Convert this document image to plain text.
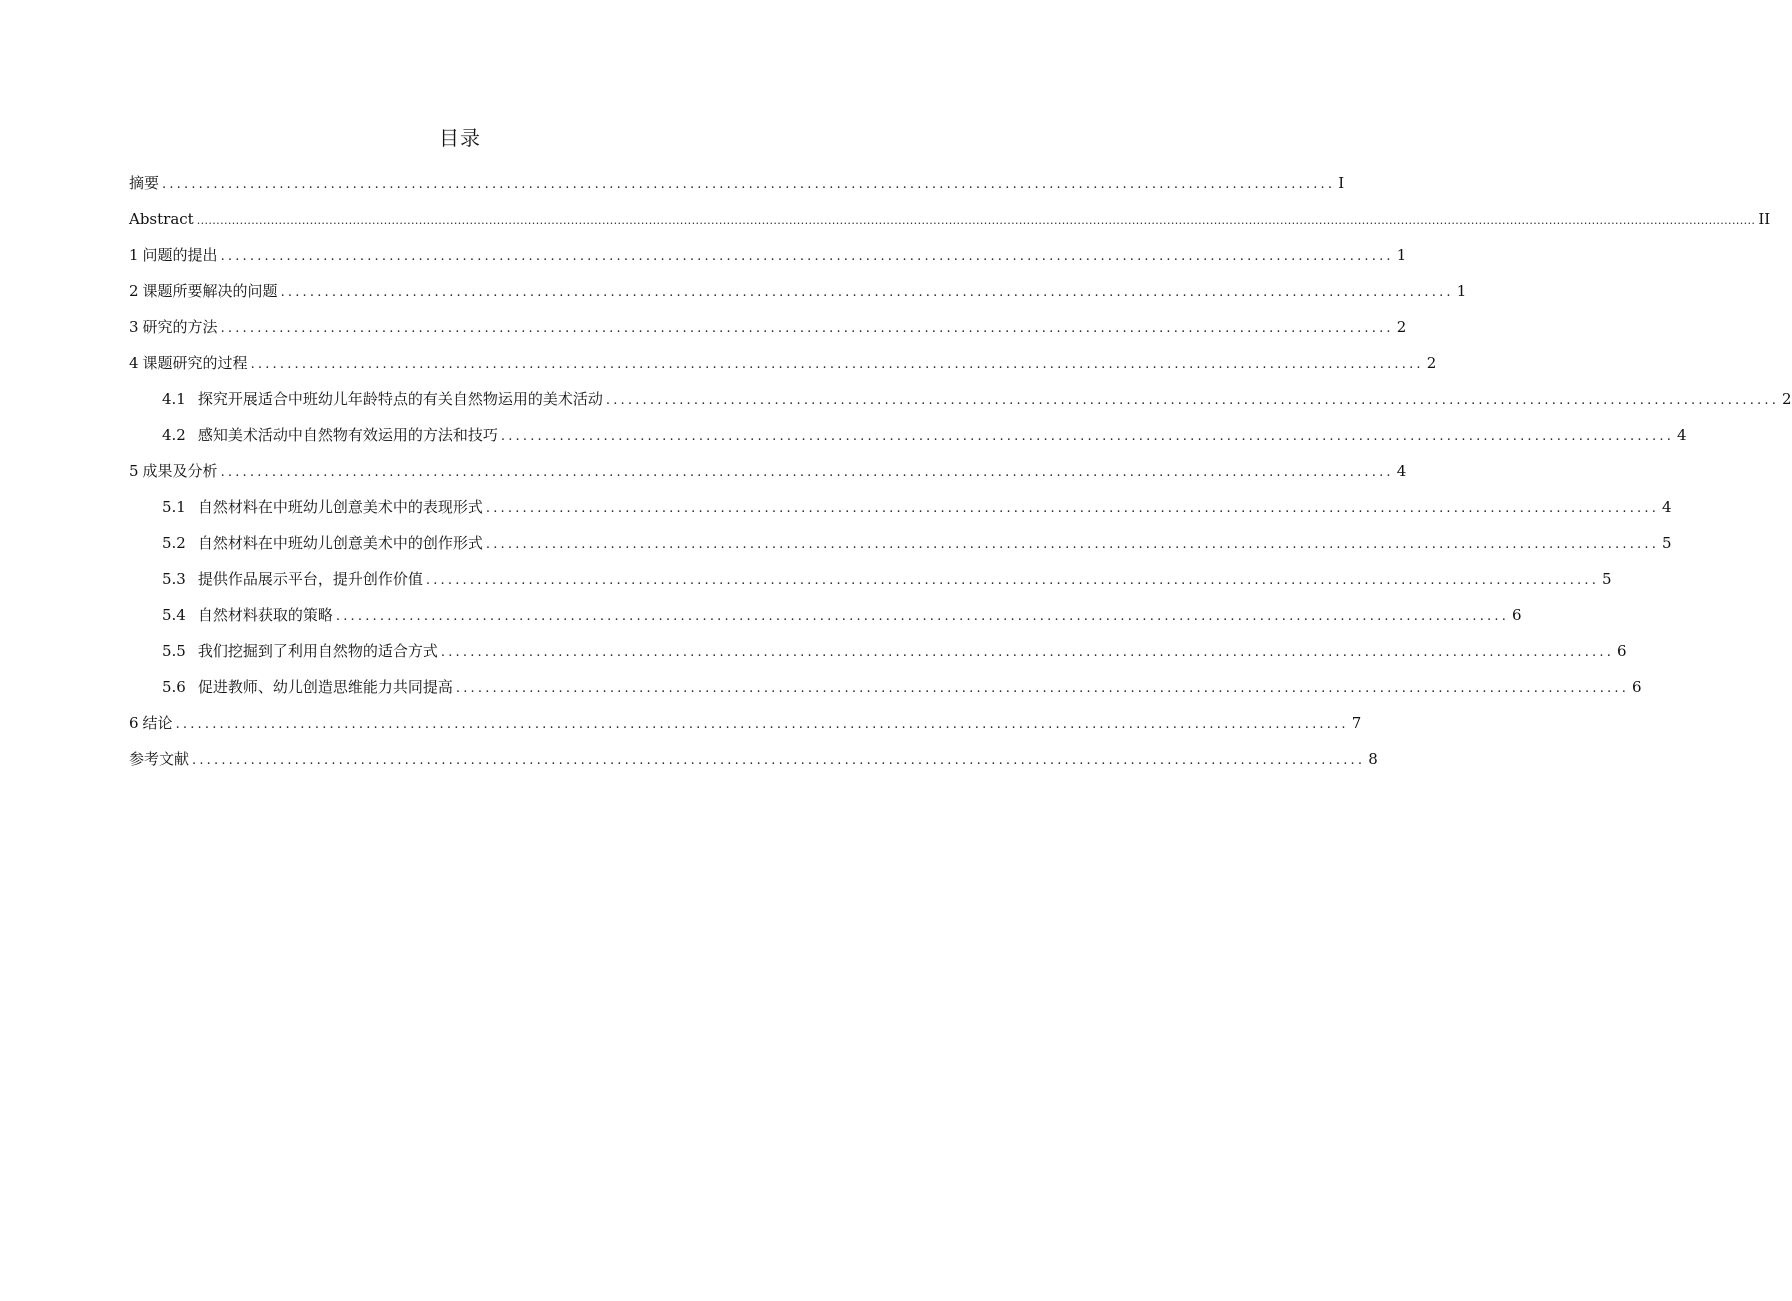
目录
摘要 ................................................................................................................................................................ I
Abstract ................................................................................................................................................................................................................................................................................................................................................................................................................ II
1 问题的提出 ................................................................................................................................................................ 1
2 课题所要解决的问题 ................................................................................................................................................................ 1
3 研究的方法 ................................................................................................................................................................ 2
4 课题研究的过程 ................................................................................................................................................................ 2
4.1 探究开展适合中班幼儿年龄特点的有关自然物运用的美术活动 ................................................................................................................................................................ 2
4.2 感知美术活动中自然物有效运用的方法和技巧 ................................................................................................................................................................ 4
5 成果及分析 ................................................................................................................................................................ 4
5.1 自然材料在中班幼儿创意美术中的表现形式 ................................................................................................................................................................ 4
5.2 自然材料在中班幼儿创意美术中的创作形式 ................................................................................................................................................................ 5
5.3 提供作品展示平台，提升创作价值 ................................................................................................................................................................ 5
5.4 自然材料获取的策略 ................................................................................................................................................................ 6
5.5 我们挖掘到了利用自然物的适合方式 ................................................................................................................................................................ 6
5.6 促进教师、幼儿创造思维能力共同提高 ................................................................................................................................................................ 6
6 结论 ................................................................................................................................................................ 7
参考文献 ................................................................................................................................................................ 8
